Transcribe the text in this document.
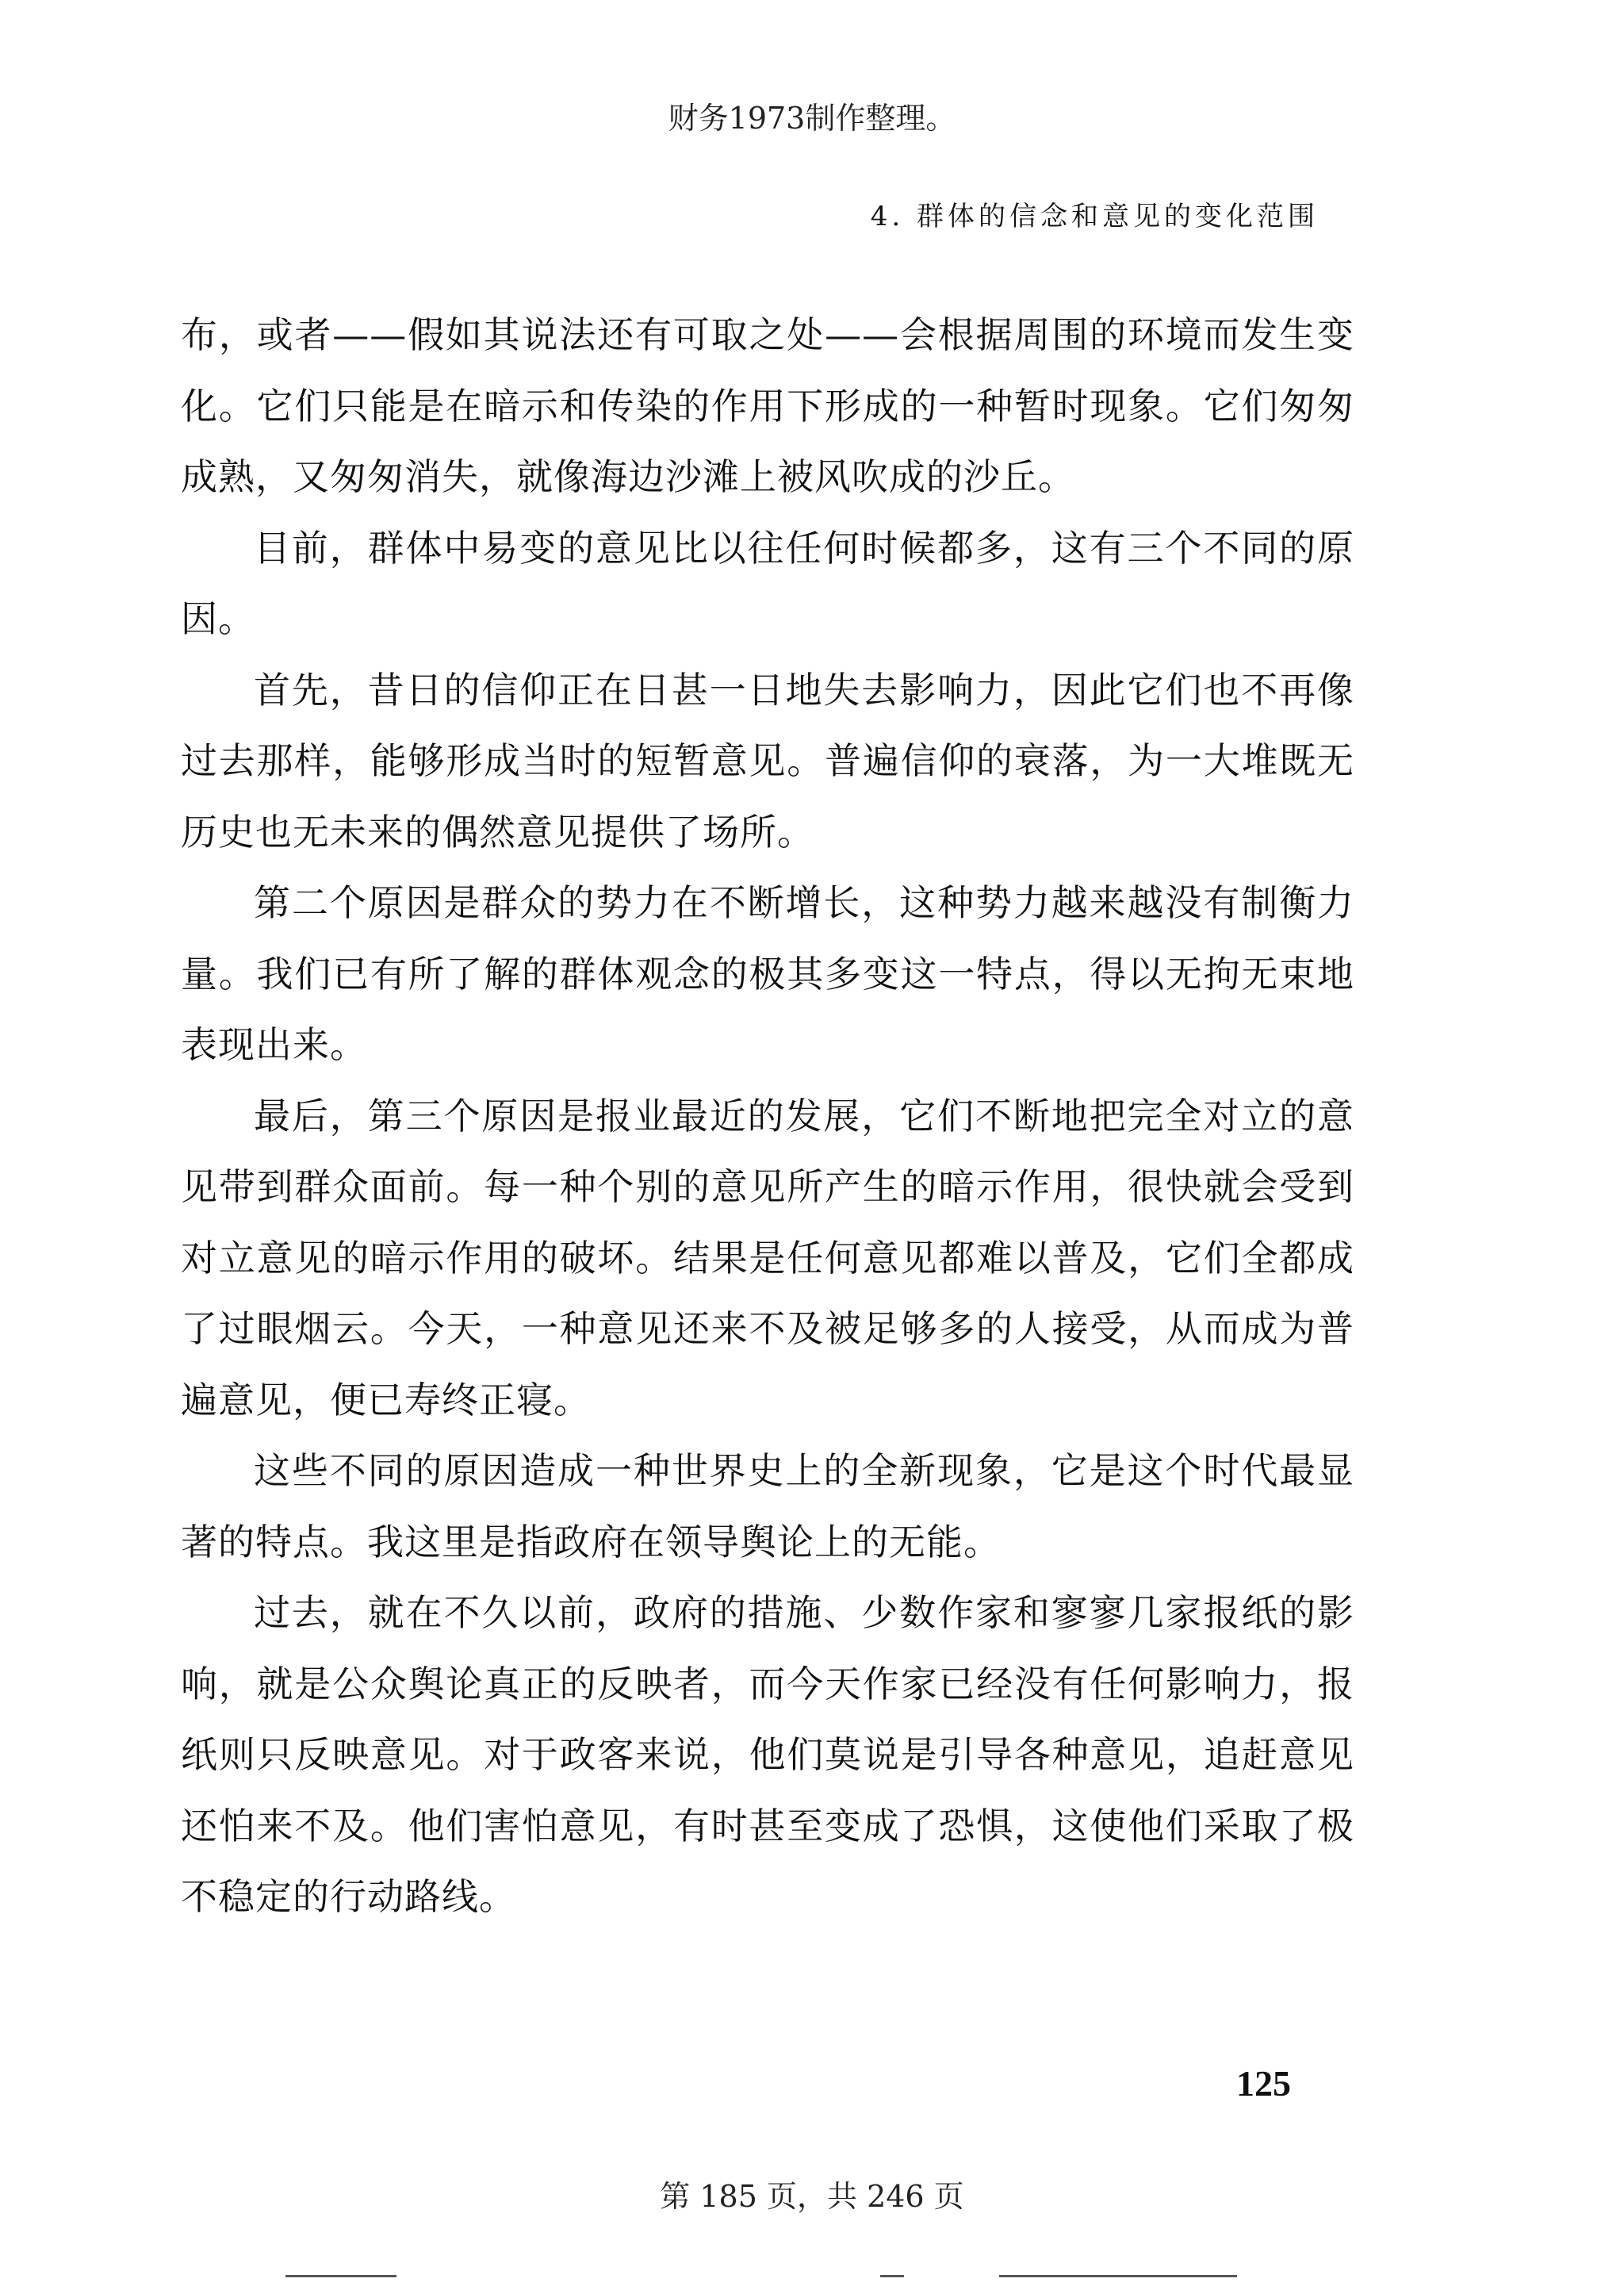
财务1973制作整理。
4. 群体的信念和意见的变化范围

布，或者——假如其说法还有可取之处——会根据周围的环境而发生变化。它们只能是在暗示和传染的作用下形成的一种暂时现象。它们匆匆成熟，又匆匆消失，就像海边沙滩上被风吹成的沙丘。

目前，群体中易变的意见比以往任何时候都多，这有三个不同的原因。

首先，昔日的信仰正在日甚一日地失去影响力，因此它们也不再像过去那样，能够形成当时的短暂意见。普遍信仰的衰落，为一大堆既无历史也无未来的偶然意见提供了场所。

第二个原因是群众的势力在不断增长，这种势力越来越没有制衡力量。我们已有所了解的群体观念的极其多变这一特点，得以无拘无束地表现出来。

最后，第三个原因是报业最近的发展，它们不断地把完全对立的意见带到群众面前。每一种个别的意见所产生的暗示作用，很快就会受到对立意见的暗示作用的破坏。结果是任何意见都难以普及，它们全都成了过眼烟云。今天，一种意见还来不及被足够多的人接受，从而成为普遍意见，便已寿终正寝。

这些不同的原因造成一种世界史上的全新现象，它是这个时代最显著的特点。我这里是指政府在领导舆论上的无能。

过去，就在不久以前，政府的措施、少数作家和寥寥几家报纸的影响，就是公众舆论真正的反映者，而今天作家已经没有任何影响力，报纸则只反映意见。对于政客来说，他们莫说是引导各种意见，追赶意见还怕来不及。他们害怕意见，有时甚至变成了恐惧，这使他们采取了极不稳定的行动路线。

125
第 185 页，共 246 页
